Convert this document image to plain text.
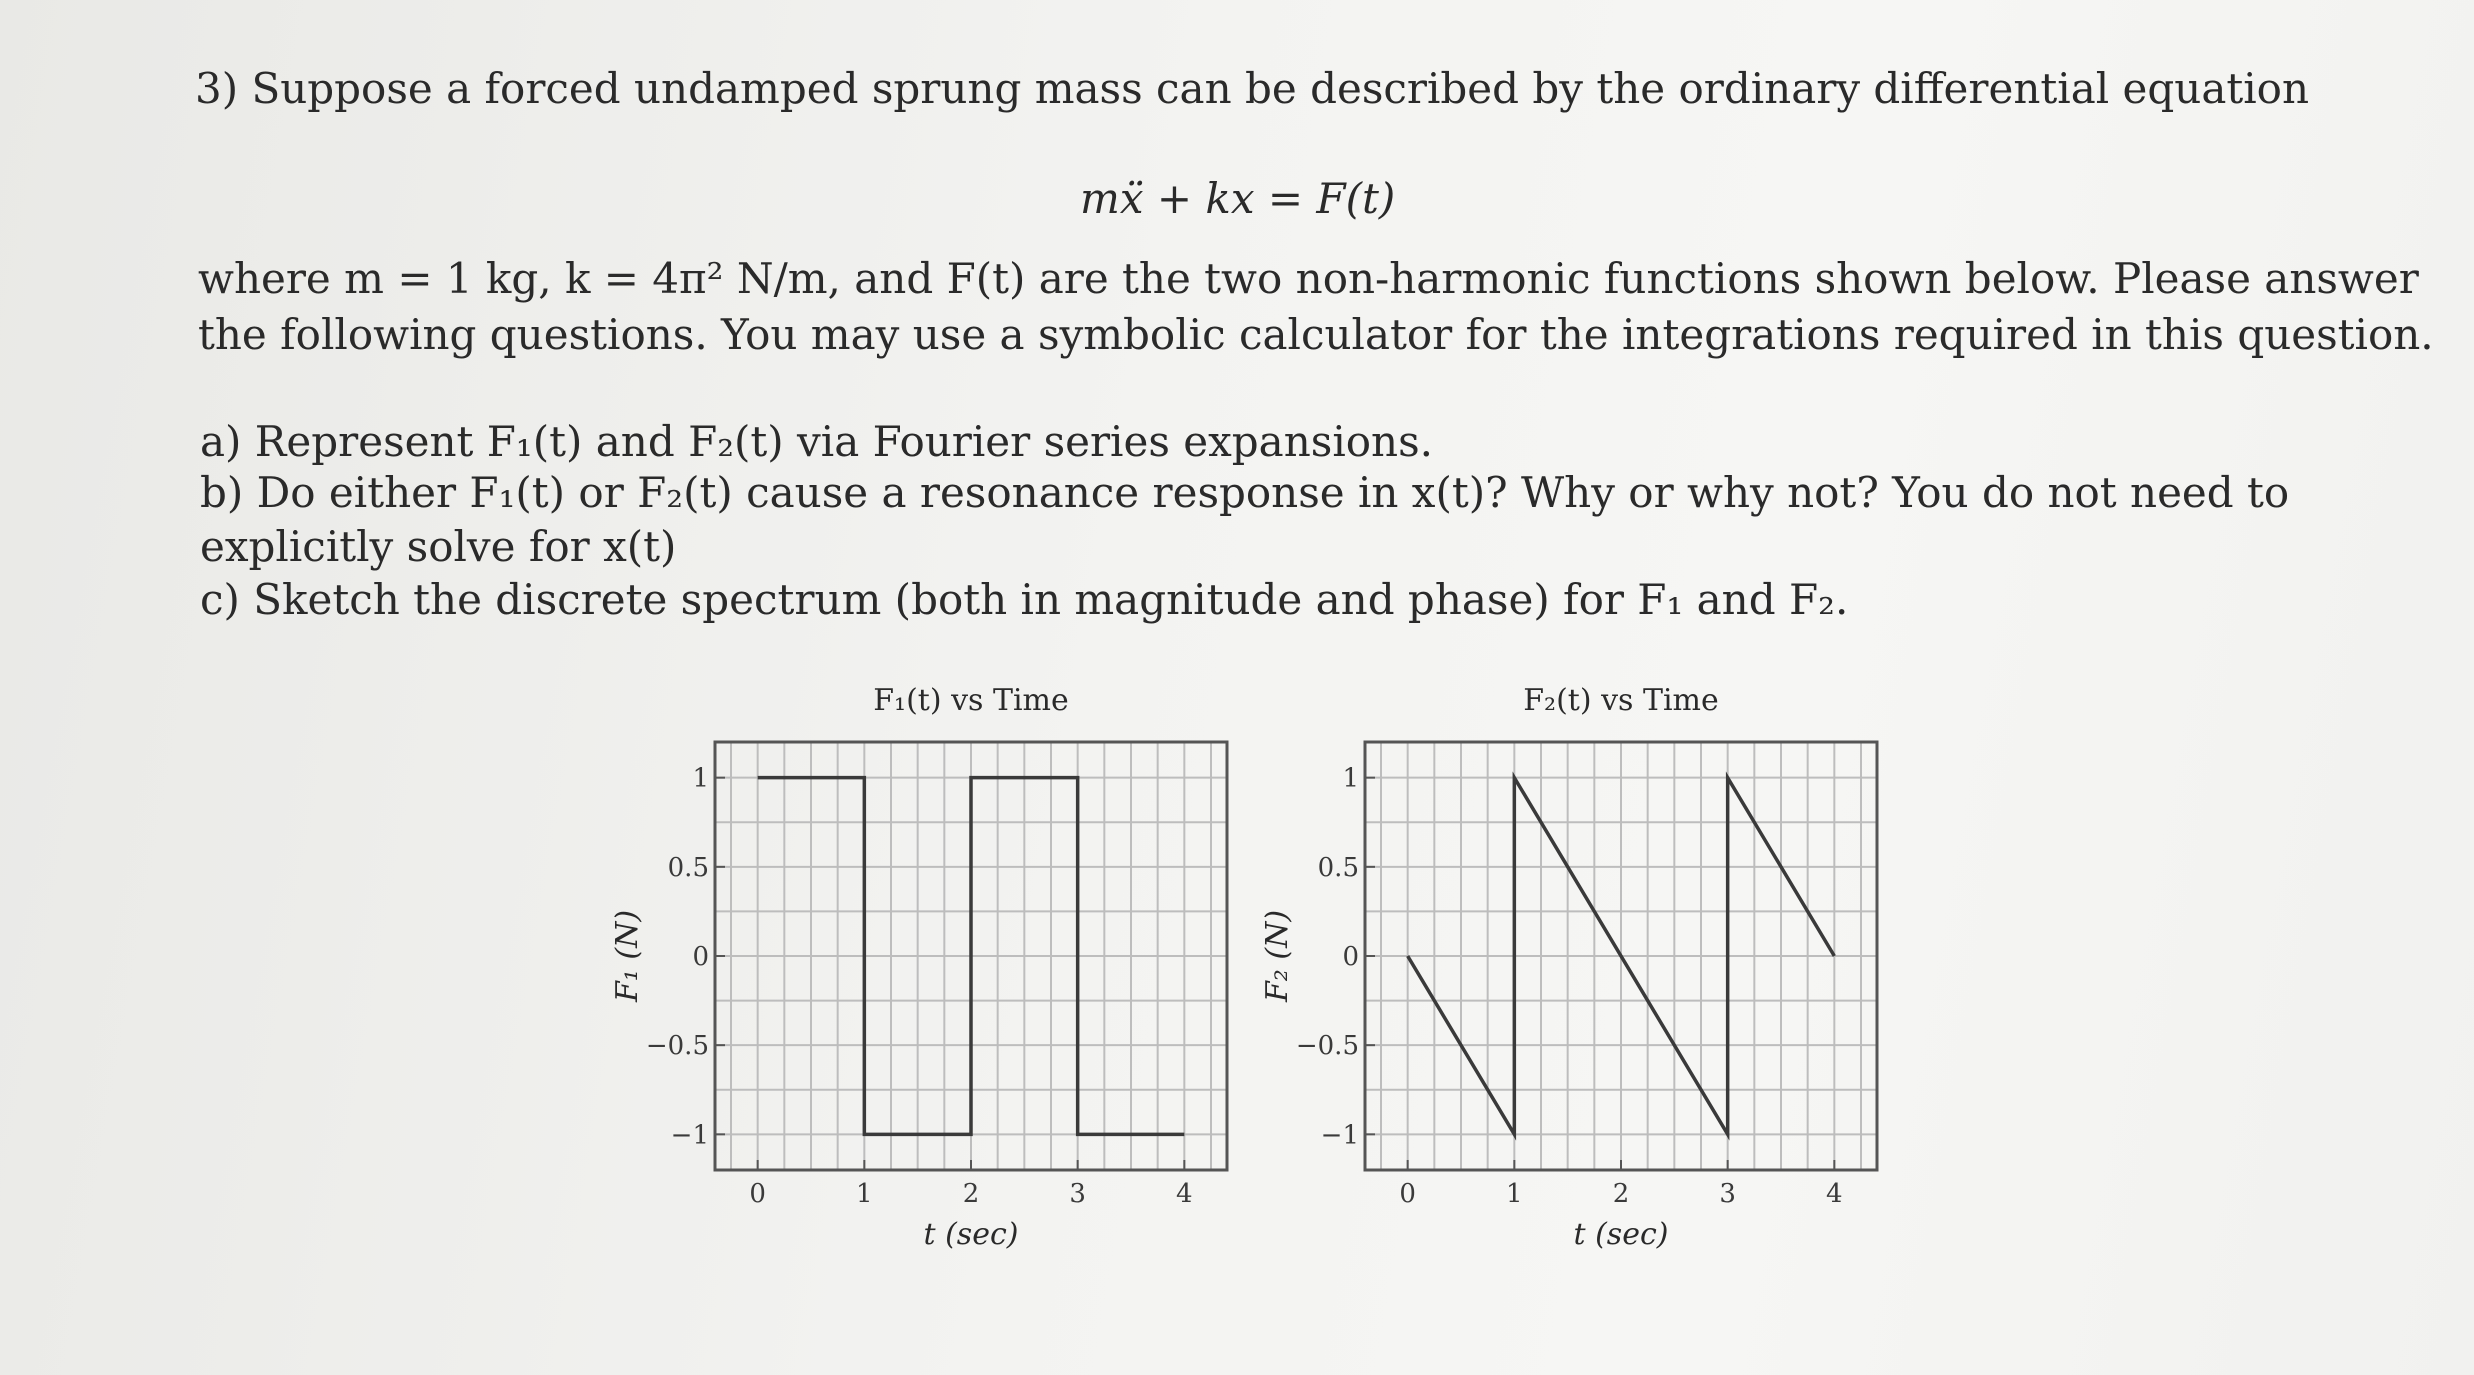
3) Suppose a forced undamped sprung mass can be described by the ordinary differential equation
mẍ + kx = F(t)
where m = 1 kg, k = 4π² N/m, and F(t) are the two non-harmonic functions shown below. Please answer
the following questions. You may use a symbolic calculator for the integrations required in this question.
a) Represent F₁(t) and F₂(t) via Fourier series expansions.
b) Do either F₁(t) or F₂(t) cause a resonance response in x(t)? Why or why not? You do not need to
explicitly solve for x(t)
c) Sketch the discrete spectrum (both in magnitude and phase) for F₁ and F₂.
F₁(t) vs Time
0	1	2	3	4
1
0.5
0
−0.5
−1
t (sec)
F₁ (N)
F₂(t) vs Time
0	1	2	3	4
1
0.5
0
−0.5
−1
t (sec)
F₂ (N)
